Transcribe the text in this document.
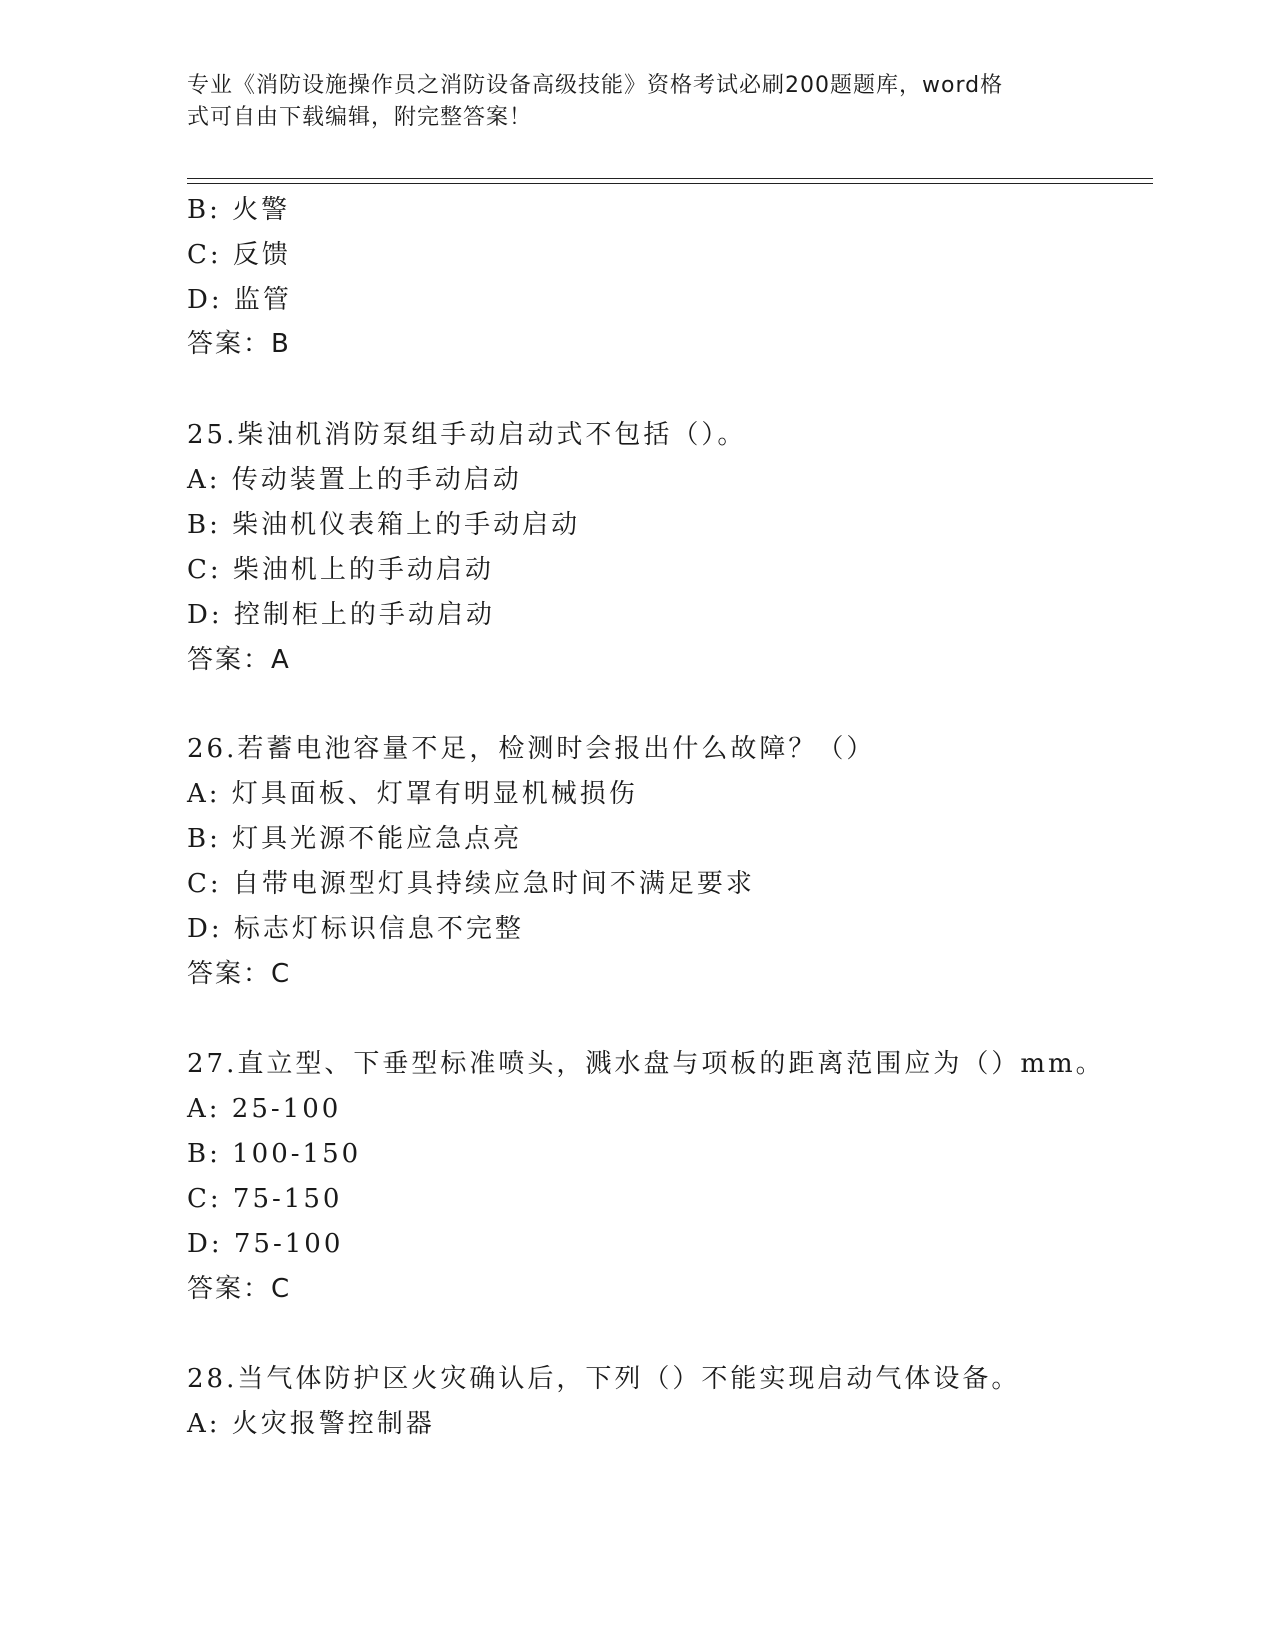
专业《消防设施操作员之消防设备高级技能》资格考试必刷200题题库，word格
式可自由下载编辑，附完整答案！
B: 火警
C: 反馈
D: 监管
答案：B
25.柴油机消防泵组手动启动式不包括（）。
A: 传动装置上的手动启动
B: 柴油机仪表箱上的手动启动
C: 柴油机上的手动启动
D: 控制柜上的手动启动
答案：A
26.若蓄电池容量不足，检测时会报出什么故障？（）
A: 灯具面板、灯罩有明显机械损伤
B: 灯具光源不能应急点亮
C: 自带电源型灯具持续应急时间不满足要求
D: 标志灯标识信息不完整
答案：C
27.直立型、下垂型标准喷头，溅水盘与项板的距离范围应为（）mm。
A: 25-100
B: 100-150
C: 75-150
D: 75-100
答案：C
28.当气体防护区火灾确认后，下列（）不能实现启动气体设备。
A: 火灾报警控制器
